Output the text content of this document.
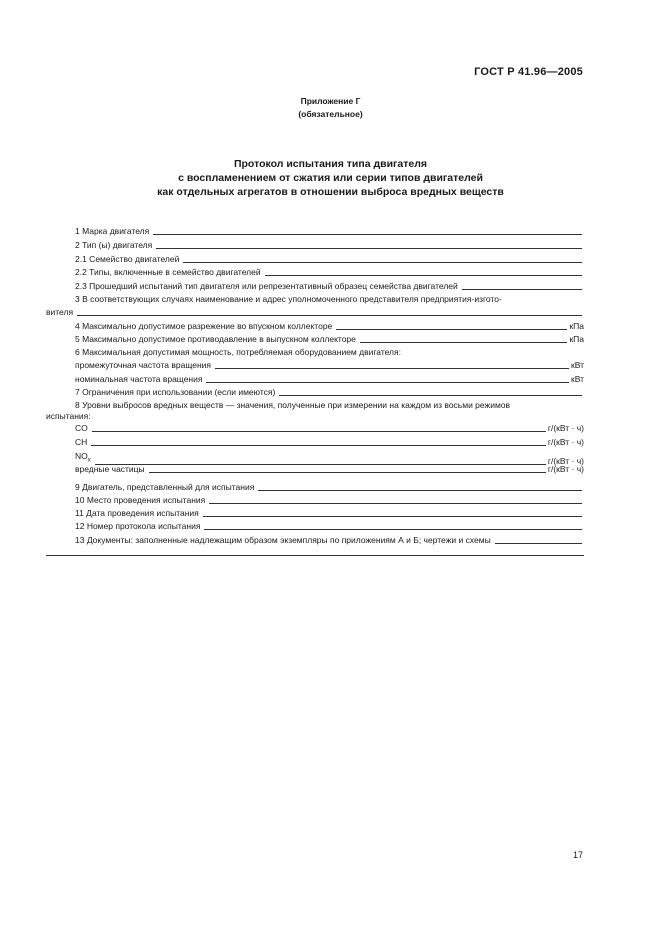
ГОСТ Р 41.96—2005
Приложение Г
(обязательное)
Протокол испытания типа двигателя
с воспламенением от сжатия или серии типов двигателей
как отдельных агрегатов в отношении выброса вредных веществ
1 Марка двигателя
2 Тип (ы) двигателя
2.1 Семейство двигателей
2.2 Типы, включенные в семейство двигателей
2.3 Прошедший испытаний тип двигателя или репрезентативный образец семейства двигателей
3 В соответствующих случаях наименование и адрес уполномоченного представителя предприятия-изгото-
вителя
4 Максимально допустимое разрежение во впускном коллекторе	кПа
5 Максимально допустимое противодавление в выпускном коллекторе	кПа
6 Максимальная допустимая мощность, потребляемая оборудованием двигателя:
промежуточная частота вращения	кВт
номинальная частота вращения	кВт
7 Ограничения при использовании (если имеются)
8 Уровни выбросов вредных веществ — значения, полученные при измерении на каждом из восьми режимов
испытания:
CO	г/(кВт · ч)
CH	г/(кВт · ч)
$NO_x$	г/(кВт · ч)
вредные частицы	г/(кВт · ч)
9 Двигатель, представленный для испытания
10 Место проведения испытания
11 Дата проведения испытания
12 Номер протокола испытания
13 Документы: заполненные надлежащим образом экземпляры по приложениям А и Б; чертежи и схемы
17
